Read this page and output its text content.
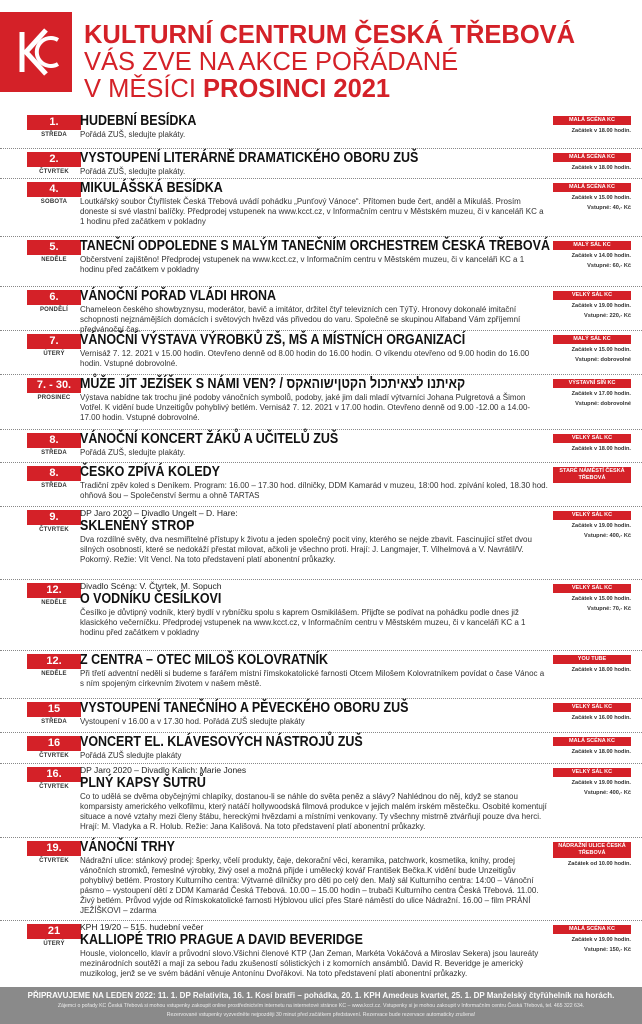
KULTURNÍ CENTRUM ČESKÁ TŘEBOVÁ
VÁS ZVE NA AKCE POŘÁDANÉ
V MĚSÍCI PROSINCI 2021
1.
STŘEDA
HUDEBNÍ BESÍDKA
Pořádá ZUŠ, sledujte plakáty.
MALÁ SCÉNA KC
Začátek v 18.00 hodin.
2.
ČTVRTEK
VYSTOUPENÍ LITERÁRNĚ DRAMATICKÉHO OBORU ZUŠ
Pořádá ZUŠ, sledujte plakáty.
MALÁ SCÉNA KC
Začátek v 18.00 hodin.
4.
SOBOTA
MIKULÁŠSKÁ BESÍDKA
Loutkářský soubor Čtyřlístek Česká Třebová uvádí pohádku „Punťový Vánoce“. Přítomen bude čert, anděl a Mikuláš. Prosím doneste si své vlastní balíčky. Předprodej vstupenek na www.kcct.cz, v Informačním centru v Městském muzeu, či v kanceláři KC a 1 hodinu před začátkem v pokladny
MALÁ SCÉNA KC
Začátek v 15.00 hodin.
Vstupné: 40,- Kč
5.
NEDĚLE
TANEČNÍ ODPOLEDNE S MALÝM TANEČNÍM ORCHESTREM ČESKÁ TŘEBOVÁ
Občerstvení zajištěno! Předprodej vstupenek na www.kcct.cz, v Informačním centru v Městském muzeu, či v kanceláři KC a 1 hodinu před začátkem v pokladny
MALÝ SÁL KC
Začátek v 14.00 hodin.
Vstupné: 60,- Kč
6.
PONDĚLÍ
VÁNOČNÍ POŘAD VLÁDI HRONA
Chameleon českého showbyznysu, moderátor, bavič a imitátor, držitel čtyř televizních cen TýTý. Hronovy dokonalé imitační schopnosti nejznámějších domácích i světových hvězd vás přivedou do varu. Společně se skupinou Alfaband Vám zpříjemní předvánoční čas.
VELKÝ SÁL KC
Začátek v 19.00 hodin.
Vstupné: 220,- Kč
7.
ÚTERÝ
VÁNOČNÍ VÝSTAVA VÝROBKŮ ZŠ, MŠ A MÍSTNÍCH ORGANIZACÍ
Vernisáž 7. 12. 2021 v 15.00 hodin. Otevřeno denně od 8.00 hodin do 16.00 hodin. O víkendu otevřeno od 9.00 hodin do 16.00 hodin. Vstupné dobrovolné.
MALÝ SÁL KC
Začátek v 15.00 hodin.
Vstupné: dobrovolné
7. - 30.
PROSINEC
MŮŽE JÍT JEŽÍŠEK S NÁMI VEN? / קאיתנו לצאיתכול הקטןישוהאקס
Výstava nabídne tak trochu jiné podoby vánočních symbolů, podoby, jaké jim dali mladí výtvarníci Johana Pulgretová a Šimon Votřel. K vidění bude Unzeitigův pohyblivý betlém. Vernisáž 7. 12. 2021 v 17.00 hodin. Otevřeno denně od 9.00 -12.00 a 14.00-17.00 hodin. Vstupné dobrovolné.
VÝSTAVNÍ SÍŇ KC
Začátek v 17.00 hodin.
Vstupné: dobrovolné
8.
STŘEDA
VÁNOČNÍ KONCERT ŽÁKŮ A UČITELŮ ZUŠ
Pořádá ZUŠ, sledujte plakáty.
VELKÝ SÁL KC
Začátek v 18.00 hodin.
8.
STŘEDA
ČESKO ZPÍVÁ KOLEDY
Tradiční zpěv koled s Deníkem. Program: 16.00 – 17.30 hod. dílničky, DDM Kamarád v muzeu, 18:00 hod. zpívání koled, 18.30 hod. ohňová šou – Společenství šermu a ohně TARTAS
STARÉ NÁMĚSTÍ ČESKÁ TŘEBOVÁ
9.
ČTVRTEK
DP Jaro 2020 – Divadlo Ungelt – D. Hare:
SKLENĚNÝ STROP
Dva rozdílné světy, dva nesmiřitelné přístupy k životu a jeden společný pocit viny, kterého se nejde zbavit. Fascinující střet dvou silných osobností, které se nedokáží přestat milovat, ačkoli je všechno proti. Hrají: J. Langmajer, T. Vilhelmová a V. Navrátil/V. Pokorný. Režie: Vít Vencl. Na toto představení platí abonentní průkazky.
VELKÝ SÁL KC
Začátek v 19.00 hodin.
Vstupné: 400,- Kč
12.
NEDĚLE
Divadlo Scéna: V. Čtvrtek, M. Sopuch
O VODNÍKU ČESÍLKOVI
Česílko je důvtipný vodník, který bydlí v rybníčku spolu s kaprem Osmikilášem. Přijďte se podívat na pohádku podle dnes již klasického večerníčku. Předprodej vstupenek na www.kcct.cz, v Informačním centru v Městském muzeu, či v kanceláři KC a 1 hodinu před začátkem v pokladny
VELKÝ SÁL KC
Začátek v 15.00 hodin.
Vstupné: 70,- Kč
12.
NEDĚLE
Z CENTRA – OTEC MILOŠ KOLOVRATNÍK
Při třetí adventní neděli si budeme s farářem místní římskokatolické farnosti Otcem Milošem Kolovratníkem povídat o čase Vánoc a s ním spojeným církevním životem v našem městě.
YOU TUBE
Začátek v 18.00 hodin.
15
STŘEDA
VYSTOUPENÍ TANEČNÍHO A PĚVECKÉHO OBORU ZUŠ
Vystoupení v 16.00 a v 17.30 hod. Pořádá ZUŠ sledujte plakáty
VELKÝ SÁL KC
Začátek v 16.00 hodin.
16
ČTVRTEK
VONCERT EL. KLÁVESOVÝCH NÁSTROJŮ ZUŠ
Pořádá ZUŠ sledujte plakáty
MALÁ SCÉNA KC
Začátek v 18.00 hodin.
16.
ČTVRTEK
DP Jaro 2020 – Divadlo Kalich: Marie Jones
PLNÝ KAPSY ŠUTRŮ
Co to udělá se dvěma obyčejnými chlapíky, dostanou-li se náhle do světa peněz a slávy? Nahlédnou do něj, když se stanou komparsisty amerického velkofilmu, který natáčí hollywoodská filmová produkce v jejich malém irském městečku. Osobité komentují situace a nové vztahy mezi členy štábu, hereckými hvězdami a místními venkovany. Ty všechny mistrně ztvárňují pouze dva herci. Hrají: M. Vladyka a R. Holub. Režie: Jana Kališová. Na toto představení platí abonentní průkazky.
VELKÝ SÁL KC
Začátek v 19.00 hodin.
Vstupné: 400,- Kč
19.
ČTVRTEK
VÁNOČNÍ TRHY
Nádražní ulice: stánkový prodej: šperky, včelí produkty, čaje, dekorační věci, keramika, patchwork, kosmetika, knihy, prodej vánočních stromků, řemeslné výrobky, živý osel a možná přijde i umělecký kovář František Bečka.K vidění bude Unzeitigův pohyblivý betlém. Prostory Kulturního centra: Výtvarné dílničky pro děti po celý den. Malý sál Kulturního centra: 14:00 – Vánoční pásmo – vystoupení dětí z DDM Kamarád Česká Třebová. 10.00 – 15.00 hodin – trubači Kulturního centra Česká Třebová. 11.00. Živý betlém. Průvod vyjde od Římskokatolické farnosti Hýblovou ulicí přes Staré náměstí do ulice Nádražní. 16.00 – film PRÁNÍ JEŽÍŠKOVI – zdarma
NÁDRAŽNÍ ULICE ČESKÁ TŘEBOVÁ
Začátek od 10.00 hodin.
21
ÚTERÝ
KPH 19/20 – 515. hudební večer
KALLIOPÉ TRIO PRAGUE A DAVID BEVERIDGE
Housle, violoncello, klavír a průvodní slovo.Všichni členové KTP (Jan Zeman, Markéta Vokáčová a Miroslav Sekera) jsou laureáty mezinárodních soutěží a mají za sebou řadu zkušeností sólistických i z komorních ansámblů. David R. Beveridge je americký muzikolog, jenž se ve svém bádání věnuje Antonínu Dvořákovi. Na toto představení platí abonentní průkazky.
MALÁ SCÉNA KC
Začátek v 19.00 hodin.
Vstupné: 150,- Kč
PŘIPRAVUJEME NA LEDEN 2022: 11. 1. DP Relativita, 16. 1. Kosí bratři – pohádka, 20. 1. KPH Amedeus kvartet, 25. 1. DP Manželský čtyřúhelník na horách.
Zájemci o pořady KC Česká Třebová si mohou vstupenky zakoupit online prostřednictvím internetu na internetové stránce KC – www.kcct.cz. Vstupenky si je mohou zakoupit v Informačním centru Česká Třebová, tel. 465 322 634.
Rezervované vstupenky vyzvedněte nejpozději 30 minut před začátkem představení. Rezervace bude rezervace automaticky zrušena!
